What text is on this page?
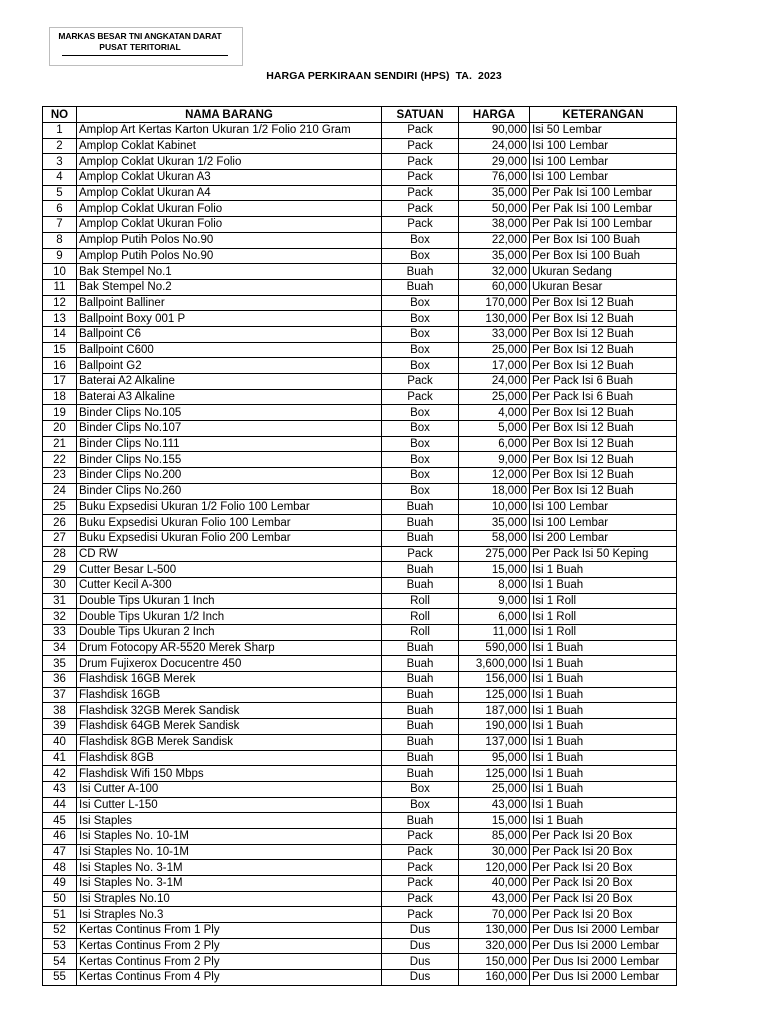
MARKAS BESAR TNI ANGKATAN DARAT
PUSAT TERITORIAL
HARGA PERKIRAAN SENDIRI (HPS)  TA.  2023
NO	NAMA BARANG	SATUAN	HARGA	KETERANGAN
1	Amplop Art Kertas Karton Ukuran 1/2 Folio 210 Gram	Pack	90,000	Isi 50 Lembar
2	Amplop Coklat Kabinet	Pack	24,000	Isi 100 Lembar
3	Amplop Coklat Ukuran 1/2 Folio	Pack	29,000	Isi 100 Lembar
4	Amplop Coklat Ukuran A3	Pack	76,000	Isi 100 Lembar
5	Amplop Coklat Ukuran A4	Pack	35,000	Per Pak Isi 100 Lembar
6	Amplop Coklat Ukuran Folio	Pack	50,000	Per Pak Isi 100 Lembar
7	Amplop Coklat Ukuran Folio	Pack	38,000	Per Pak Isi 100 Lembar
8	Amplop Putih Polos No.90	Box	22,000	Per Box Isi 100 Buah
9	Amplop Putih Polos No.90	Box	35,000	Per Box Isi 100 Buah
10	Bak Stempel No.1	Buah	32,000	Ukuran Sedang
11	Bak Stempel No.2	Buah	60,000	Ukuran Besar
12	Ballpoint Balliner	Box	170,000	Per Box Isi 12 Buah
13	Ballpoint Boxy 001 P	Box	130,000	Per Box Isi 12 Buah
14	Ballpoint C6	Box	33,000	Per Box Isi 12 Buah
15	Ballpoint C600	Box	25,000	Per Box Isi 12 Buah
16	Ballpoint G2	Box	17,000	Per Box Isi 12 Buah
17	Baterai A2 Alkaline	Pack	24,000	Per Pack Isi 6 Buah
18	Baterai A3 Alkaline	Pack	25,000	Per Pack Isi 6 Buah
19	Binder Clips No.105	Box	4,000	Per Box Isi 12 Buah
20	Binder Clips No.107	Box	5,000	Per Box Isi 12 Buah
21	Binder Clips No.111	Box	6,000	Per Box Isi 12 Buah
22	Binder Clips No.155	Box	9,000	Per Box Isi 12 Buah
23	Binder Clips No.200	Box	12,000	Per Box Isi 12 Buah
24	Binder Clips No.260	Box	18,000	Per Box Isi 12 Buah
25	Buku Expsedisi Ukuran 1/2 Folio 100 Lembar	Buah	10,000	Isi 100 Lembar
26	Buku Expsedisi Ukuran Folio 100 Lembar	Buah	35,000	Isi 100 Lembar
27	Buku Expsedisi Ukuran Folio 200 Lembar	Buah	58,000	Isi 200 Lembar
28	CD RW	Pack	275,000	Per Pack Isi 50 Keping
29	Cutter Besar L-500	Buah	15,000	Isi 1 Buah
30	Cutter Kecil A-300	Buah	8,000	Isi 1 Buah
31	Double Tips Ukuran 1 Inch	Roll	9,000	Isi 1 Roll
32	Double Tips Ukuran 1/2 Inch	Roll	6,000	Isi 1 Roll
33	Double Tips Ukuran 2 Inch	Roll	11,000	Isi 1 Roll
34	Drum Fotocopy AR-5520 Merek Sharp	Buah	590,000	Isi 1 Buah
35	Drum Fujixerox Docucentre 450	Buah	3,600,000	Isi 1 Buah
36	Flashdisk 16GB Merek	Buah	156,000	Isi 1 Buah
37	Flashdisk 16GB	Buah	125,000	Isi 1 Buah
38	Flashdisk 32GB Merek Sandisk	Buah	187,000	Isi 1 Buah
39	Flashdisk 64GB Merek Sandisk	Buah	190,000	Isi 1 Buah
40	Flashdisk 8GB Merek Sandisk	Buah	137,000	Isi 1 Buah
41	Flashdisk 8GB	Buah	95,000	Isi 1 Buah
42	Flashdisk Wifi 150 Mbps	Buah	125,000	Isi 1 Buah
43	Isi Cutter A-100	Box	25,000	Isi 1 Buah
44	Isi Cutter L-150	Box	43,000	Isi 1 Buah
45	Isi Staples	Buah	15,000	Isi 1 Buah
46	Isi Staples No. 10-1M	Pack	85,000	Per Pack Isi 20 Box
47	Isi Staples No. 10-1M	Pack	30,000	Per Pack Isi 20 Box
48	Isi Staples No. 3-1M	Pack	120,000	Per Pack Isi 20 Box
49	Isi Staples No. 3-1M	Pack	40,000	Per Pack Isi 20 Box
50	Isi Straples No.10	Pack	43,000	Per Pack Isi 20 Box
51	Isi Straples No.3	Pack	70,000	Per Pack Isi 20 Box
52	Kertas Continus From 1 Ply	Dus	130,000	Per Dus Isi 2000 Lembar
53	Kertas Continus From 2 Ply	Dus	320,000	Per Dus Isi 2000 Lembar
54	Kertas Continus From 2 Ply	Dus	150,000	Per Dus Isi 2000 Lembar
55	Kertas Continus From 4 Ply	Dus	160,000	Per Dus Isi 2000 Lembar
